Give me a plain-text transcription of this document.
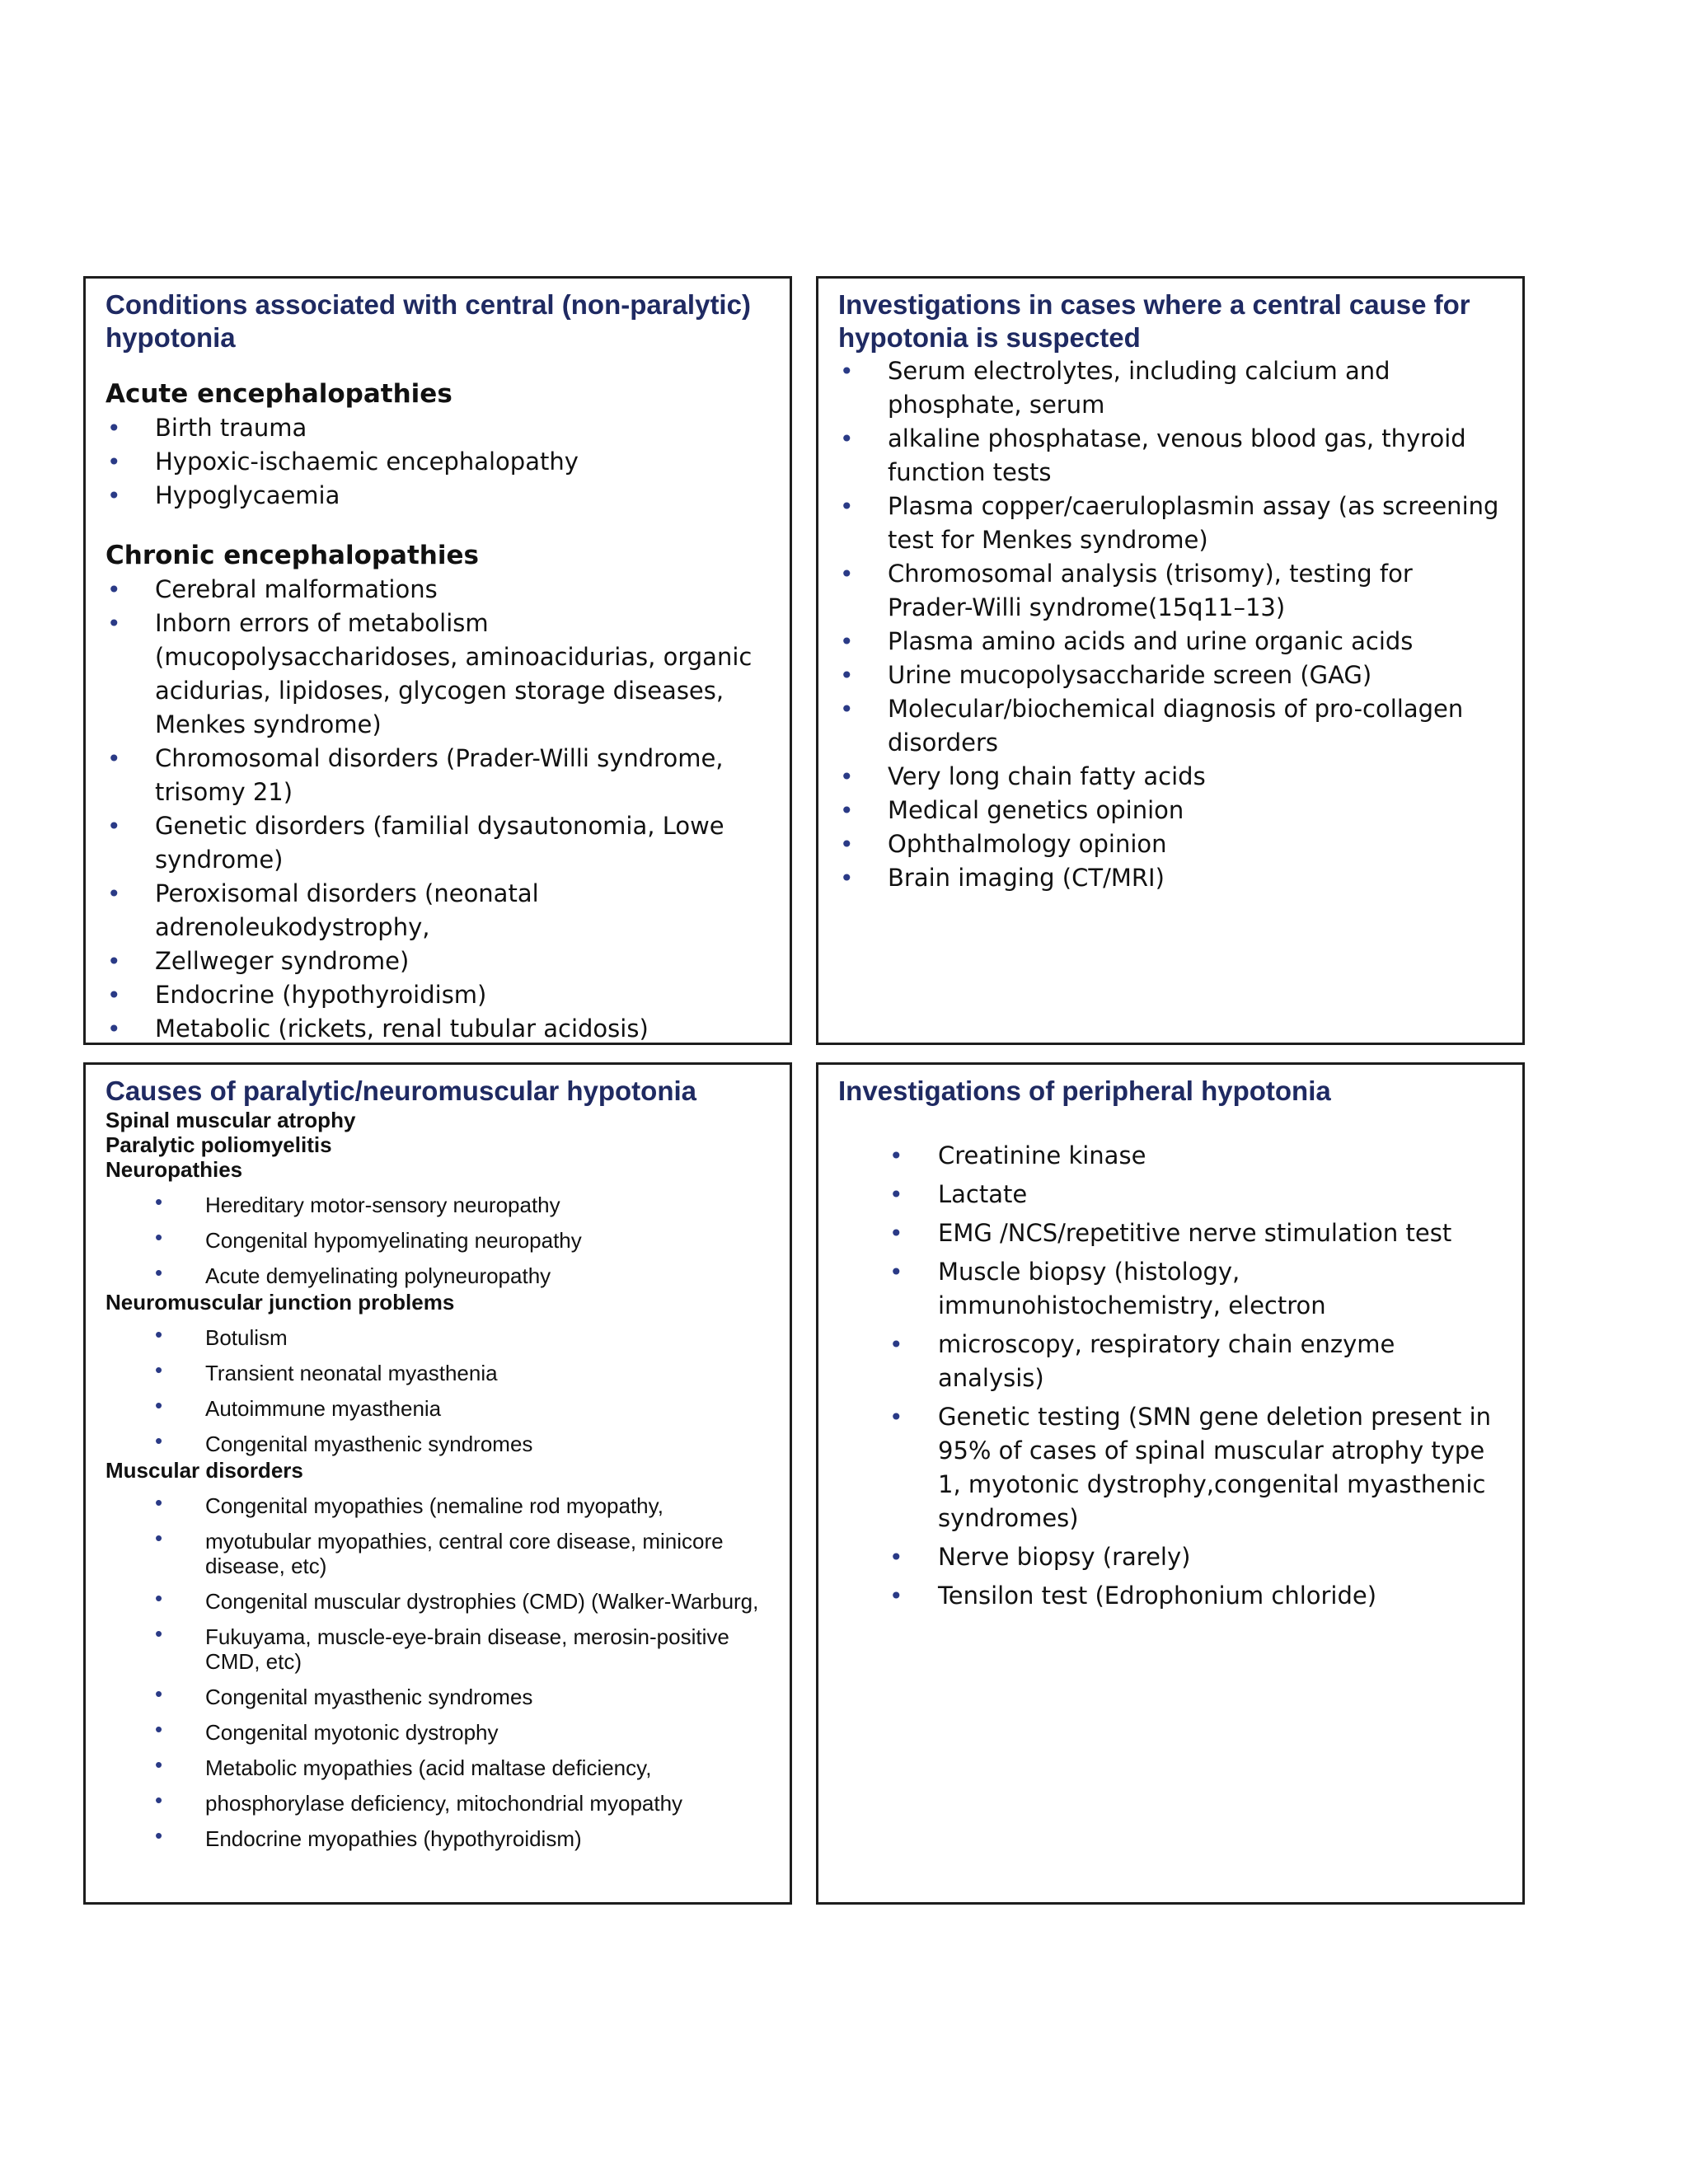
Conditions associated with central (non-paralytic) hypotonia
Acute encephalopathies
• Birth trauma
• Hypoxic-ischaemic encephalopathy
• Hypoglycaemia
Chronic encephalopathies
• Cerebral malformations
• Inborn errors of metabolism (mucopolysaccharidoses, aminoacidurias, organic acidurias, lipidoses, glycogen storage diseases, Menkes syndrome)
• Chromosomal disorders (Prader-Willi syndrome, trisomy 21)
• Genetic disorders (familial dysautonomia, Lowe syndrome)
• Peroxisomal disorders (neonatal adrenoleukodystrophy,
• Zellweger syndrome)
• Endocrine (hypothyroidism)
• Metabolic (rickets, renal tubular acidosis)
Investigations in cases where a central cause for hypotonia is suspected
• Serum electrolytes, including calcium and phosphate, serum
• alkaline phosphatase, venous blood gas, thyroid function tests
• Plasma copper/caeruloplasmin assay (as screening test for Menkes syndrome)
• Chromosomal analysis (trisomy), testing for Prader-Willi syndrome(15q11–13)
• Plasma amino acids and urine organic acids
• Urine mucopolysaccharide screen (GAG)
• Molecular/biochemical diagnosis of pro-collagen disorders
• Very long chain fatty acids
• Medical genetics opinion
• Ophthalmology opinion
• Brain imaging (CT/MRI)
Causes of paralytic/neuromuscular hypotonia

Spinal muscular atrophy

Paralytic poliomyelitis

Neuropathies

• Hereditary motor-sensory neuropathy
• Congenital hypomyelinating neuropathy
• Acute demyelinating polyneuropathy

Neuromuscular junction problems

• Botulism
• Transient neonatal myasthenia
• Autoimmune myasthenia
• Congenital myasthenic syndromes

Muscular disorders

• Congenital myopathies (nemaline rod myopathy,
• myotubular myopathies, central core disease, minicore disease, etc)
• Congenital muscular dystrophies (CMD) (Walker-Warburg,
• Fukuyama, muscle-eye-brain disease, merosin-positive CMD, etc)
• Congenital myasthenic syndromes
• Congenital myotonic dystrophy
• Metabolic myopathies (acid maltase deficiency,
• phosphorylase deficiency, mitochondrial myopathy
• Endocrine myopathies (hypothyroidism)
Investigations of peripheral hypotonia
• Creatinine kinase
• Lactate
• EMG /NCS/repetitive nerve stimulation test
• Muscle biopsy (histology, immunohistochemistry, electron
• microscopy, respiratory chain enzyme analysis)
• Genetic testing (SMN gene deletion present in 95% of cases of spinal muscular atrophy type 1, myotonic dystrophy,congenital myasthenic syndromes)
• Nerve biopsy (rarely)
• Tensilon test (Edrophonium chloride)
